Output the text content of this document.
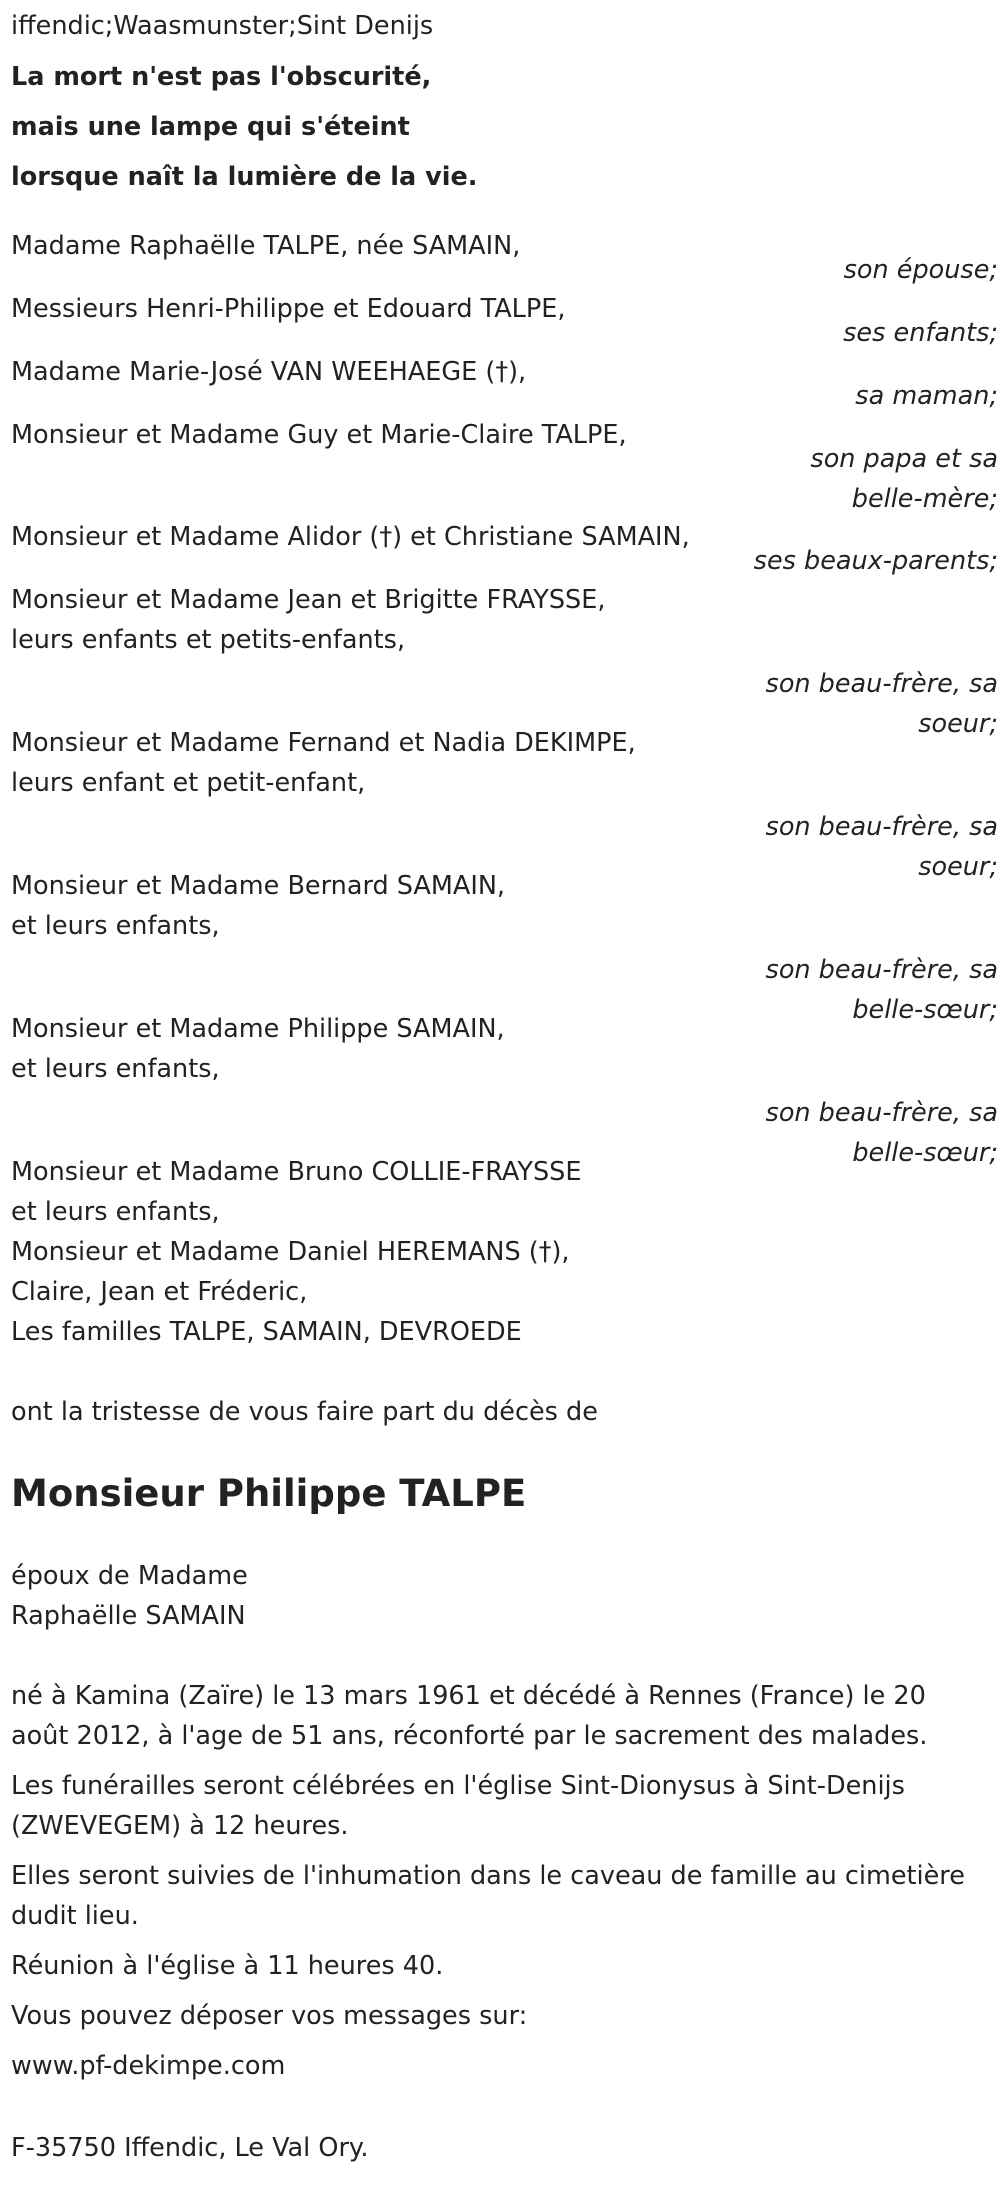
iffendic;Waasmunster;Sint Denijs
La mort n'est pas l'obscurité,
mais une lampe qui s'éteint
lorsque naît la lumière de la vie.
Madame Raphaëlle TALPE, née SAMAIN,
son épouse;
Messieurs Henri-Philippe et Edouard TALPE,
ses enfants;
Madame Marie-José VAN WEEHAEGE (†),
sa maman;
Monsieur et Madame Guy et Marie-Claire TALPE,
son papa et sa belle-mère;
Monsieur et Madame Alidor (†) et Christiane SAMAIN,
ses beaux-parents;
Monsieur et Madame Jean et Brigitte FRAYSSE,
leurs enfants et petits-enfants,
son beau-frère, sa soeur;
Monsieur et Madame Fernand et Nadia DEKIMPE,
leurs enfant et petit-enfant,
son beau-frère, sa soeur;
Monsieur et Madame Bernard SAMAIN,
et leurs enfants,
son beau-frère, sa belle-sœur;
Monsieur et Madame Philippe SAMAIN,
et leurs enfants,
son beau-frère, sa belle-sœur;
Monsieur et Madame Bruno COLLIE-FRAYSSE
et leurs enfants,
Monsieur et Madame Daniel HEREMANS (†),
Claire, Jean et Fréderic,
Les familles TALPE, SAMAIN, DEVROEDE
ont la tristesse de vous faire part du décès de
Monsieur Philippe TALPE
époux de Madame
Raphaëlle SAMAIN
né à Kamina (Zaïre) le 13 mars 1961 et décédé à Rennes (France) le 20 août 2012, à l'age de 51 ans, réconforté par le sacrement des malades.
Les funérailles seront célébrées en l'église Sint-Dionysus à Sint-Denijs (ZWEVEGEM) à 12 heures.
Elles seront suivies de l'inhumation dans le caveau de famille au cimetière dudit lieu.
Réunion à l'église à 11 heures 40.
Vous pouvez déposer vos messages sur:
www.pf-dekimpe.com
F-35750 Iffendic, Le Val Ory.
